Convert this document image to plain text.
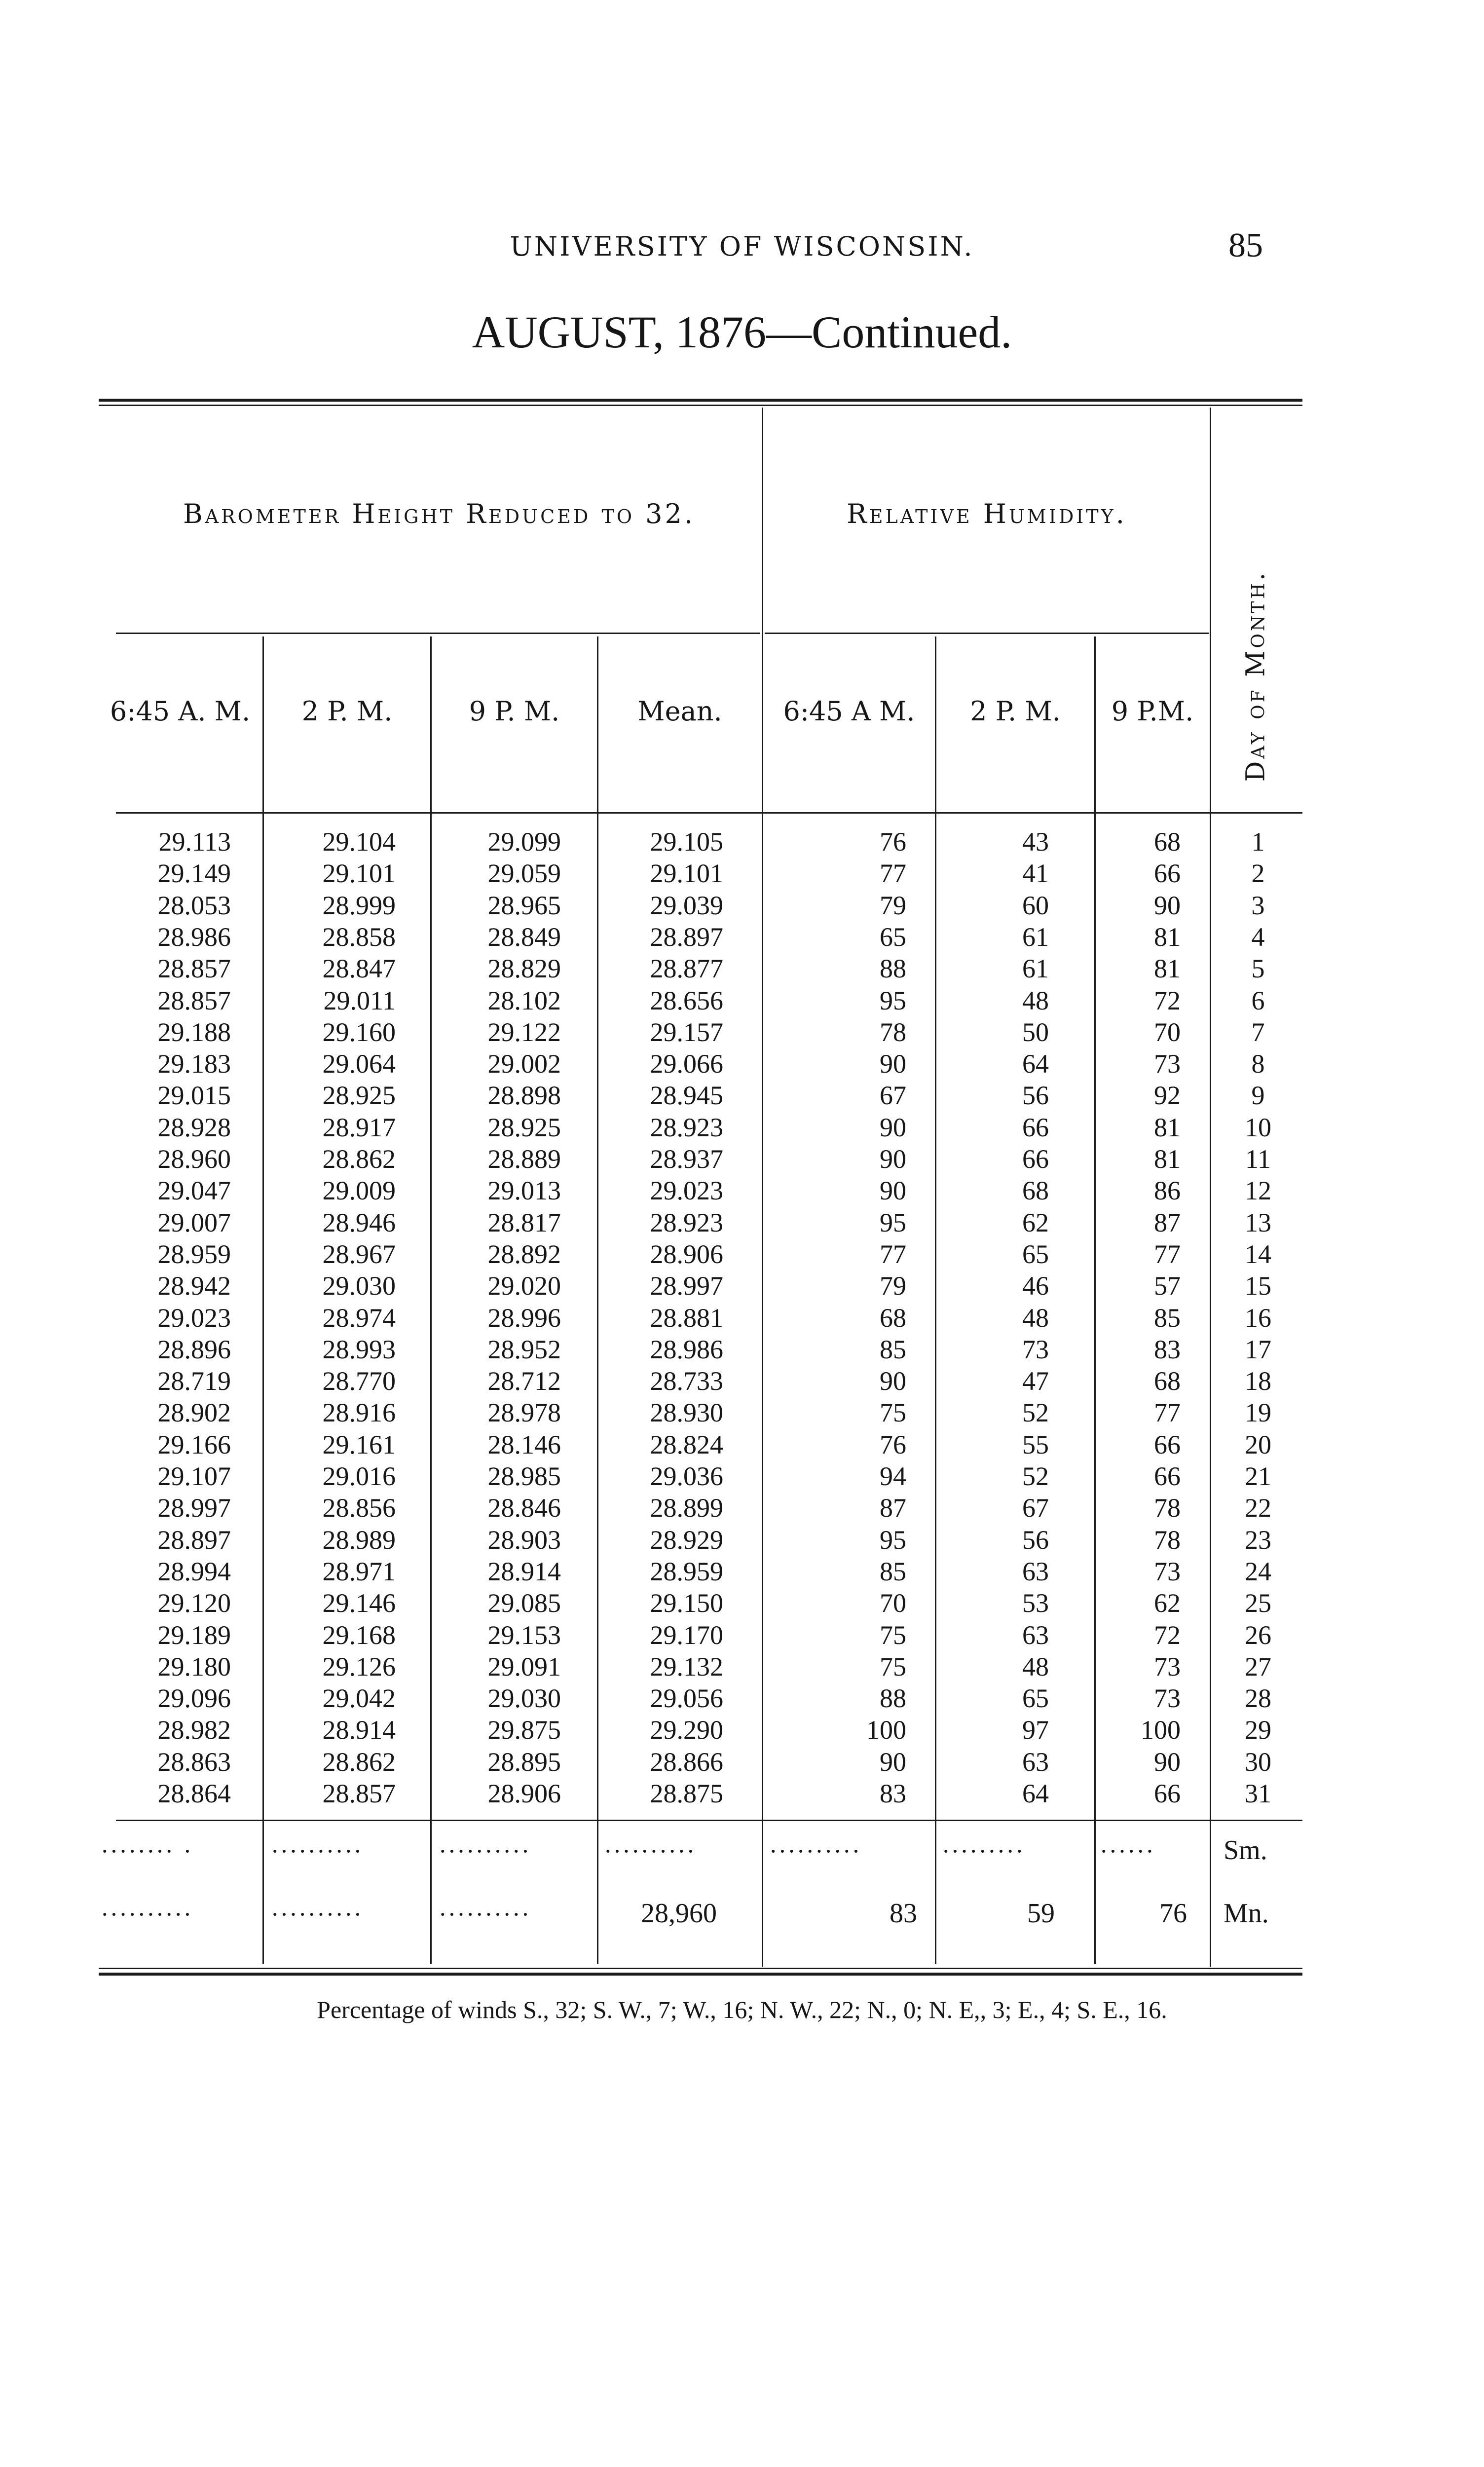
UNIVERSITY OF WISCONSIN.	85
AUGUST, 1876—Continued.
Barometer Height Reduced to 32.	Relative Humidity.
Day of Month.
6:45 A. M.	2 P. M.	9 P. M.	Mean.	6:45 A M.	2 P. M.	9 P.M.
29.113	29.104	29.099	29.105	76	43	68	1
29.149	29.101	29.059	29.101	77	41	66	2
28.053	28.999	28.965	29.039	79	60	90	3
28.986	28.858	28.849	28.897	65	61	81	4
28.857	28.847	28.829	28.877	88	61	81	5
28.857	29.011	28.102	28.656	95	48	72	6
29.188	29.160	29.122	29.157	78	50	70	7
29.183	29.064	29.002	29.066	90	64	73	8
29.015	28.925	28.898	28.945	67	56	92	9
28.928	28.917	28.925	28.923	90	66	81	10
28.960	28.862	28.889	28.937	90	66	81	11
29.047	29.009	29.013	29.023	90	68	86	12
29.007	28.946	28.817	28.923	95	62	87	13
28.959	28.967	28.892	28.906	77	65	77	14
28.942	29.030	29.020	28.997	79	46	57	15
29.023	28.974	28.996	28.881	68	48	85	16
28.896	28.993	28.952	28.986	85	73	83	17
28.719	28.770	28.712	28.733	90	47	68	18
28.902	28.916	28.978	28.930	75	52	77	19
29.166	29.161	28.146	28.824	76	55	66	20
29.107	29.016	28.985	29.036	94	52	66	21
28.997	28.856	28.846	28.899	87	67	78	22
28.897	28.989	28.903	28.929	95	56	78	23
28.994	28.971	28.914	28.959	85	63	73	24
29.120	29.146	29.085	29.150	70	53	62	25
29.189	29.168	29.153	29.170	75	63	72	26
29.180	29.126	29.091	29.132	75	48	73	27
29.096	29.042	29.030	29.056	88	65	73	28
28.982	28.914	29.875	29.290	100	97	100	29
28.863	28.862	28.895	28.866	90	63	90	30
28.864	28.857	28.906	28.875	83	64	66	31
········ ·	··········	··········	··········	··········	·········	······ Sm.
··········	··········	··········	28,960	83	59	76 Mn.
Percentage of winds S., 32; S. W., 7; W., 16; N. W., 22; N., 0; N. E,, 3; E., 4; S. E., 16.
